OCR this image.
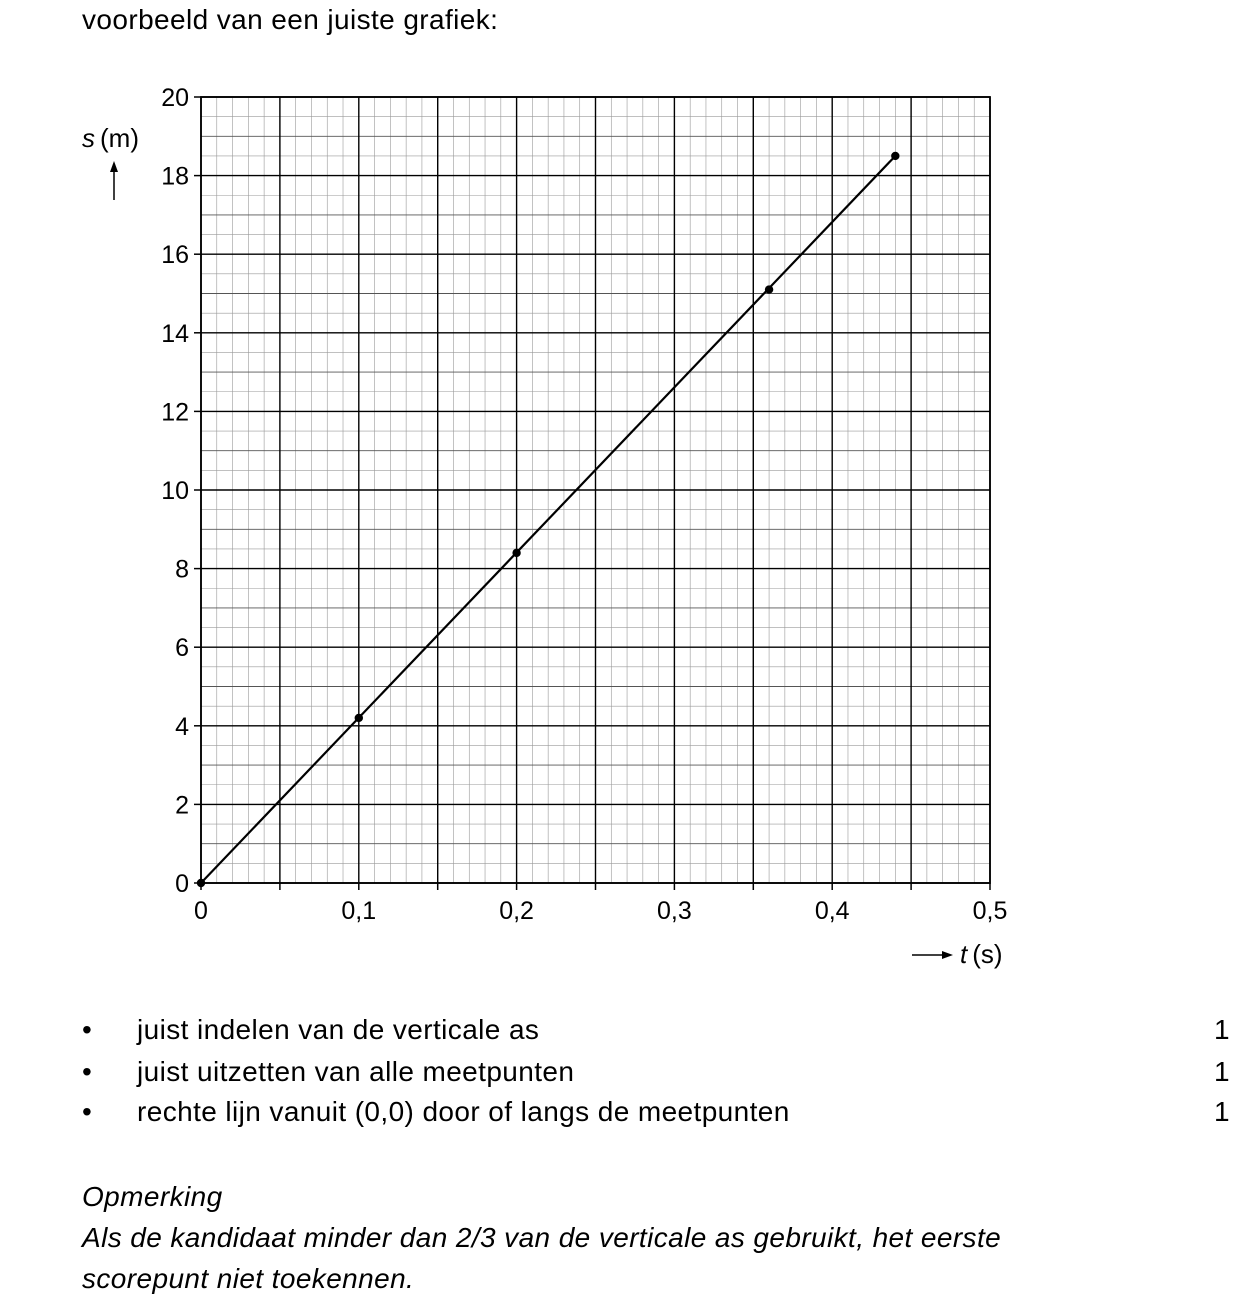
voorbeeld van een juiste grafiek:
0	0,1	0,2	0,3	0,4	0,5
0
2
4
6
8
10
12
14
16
18
20
s (m)
t (s)
• juist indelen van de verticale as	1
• juist uitzetten van alle meetpunten	1
• rechte lijn vanuit (0,0) door of langs de meetpunten	1
Opmerking
Als de kandidaat minder dan 2/3 van de verticale as gebruikt, het eerste
scorepunt niet toekennen.
